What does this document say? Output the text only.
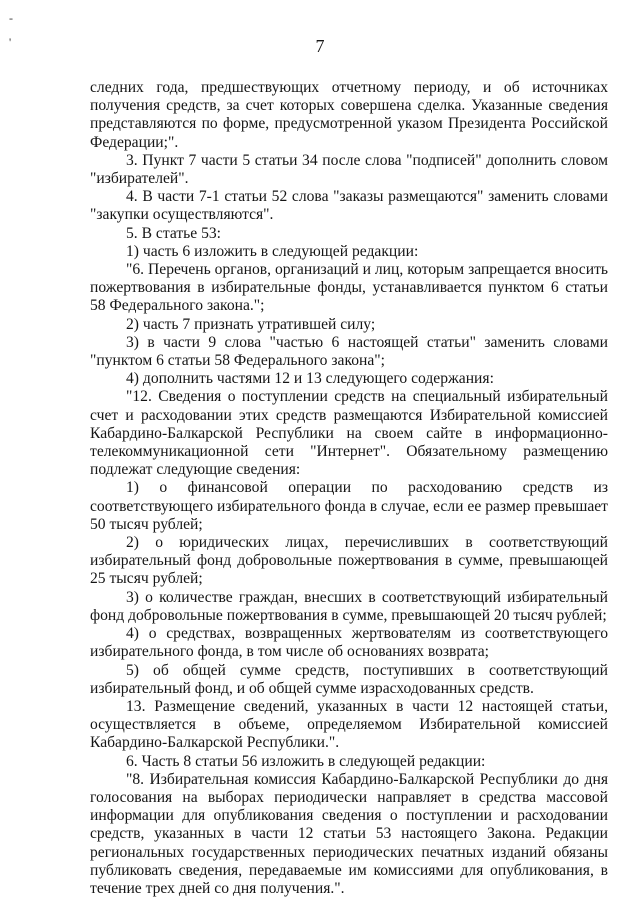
-
'	7

следних года, предшествующих отчетному периоду, и об источниках получения средств, за счет которых совершена сделка. Указанные сведения представляются по форме, предусмотренной указом Президента Российской Федерации;".

3. Пункт 7 части 5 статьи 34 после слова "подписей" дополнить словом "избирателей".

4. В части 7-1 статьи 52 слова "заказы размещаются" заменить словами "закупки осуществляются".

5. В статье 53:

1) часть 6 изложить в следующей редакции:

"6. Перечень органов, организаций и лиц, которым запрещается вносить пожертвования в избирательные фонды, устанавливается пунктом 6 статьи 58 Федерального закона.";

2) часть 7 признать утратившей силу;

3) в части 9 слова "частью 6 настоящей статьи" заменить словами "пунктом 6 статьи 58 Федерального закона";

4) дополнить частями 12 и 13 следующего содержания:

"12. Сведения о поступлении средств на специальный избирательный счет и расходовании этих средств размещаются Избирательной комиссией Кабардино-Балкарской Республики на своем сайте в информационно-телекоммуникационной сети "Интернет". Обязательному размещению подлежат следующие сведения:

1) о финансовой операции по расходованию средств из соответствующего избирательного фонда в случае, если ее размер превышает 50 тысяч рублей;

2) о юридических лицах, перечисливших в соответствующий избирательный фонд добровольные пожертвования в сумме, превышающей 25 тысяч рублей;

3) о количестве граждан, внесших в соответствующий избирательный фонд добровольные пожертвования в сумме, превышающей 20 тысяч рублей;

4) о средствах, возвращенных жертвователям из соответствующего избирательного фонда, в том числе об основаниях возврата;

5) об общей сумме средств, поступивших в соответствующий избирательный фонд, и об общей сумме израсходованных средств.

13. Размещение сведений, указанных в части 12 настоящей статьи, осуществляется в объеме, определяемом Избирательной комиссией Кабардино-Балкарской Республики.".

6. Часть 8 статьи 56 изложить в следующей редакции:

"8. Избирательная комиссия Кабардино-Балкарской Республики до дня голосования на выборах периодически направляет в средства массовой информации для опубликования сведения о поступлении и расходовании средств, указанных в части 12 статьи 53 настоящего Закона. Редакции региональных государственных периодических печатных изданий обязаны публиковать сведения, передаваемые им комиссиями для опубликования, в течение трех дней со дня получения.".
